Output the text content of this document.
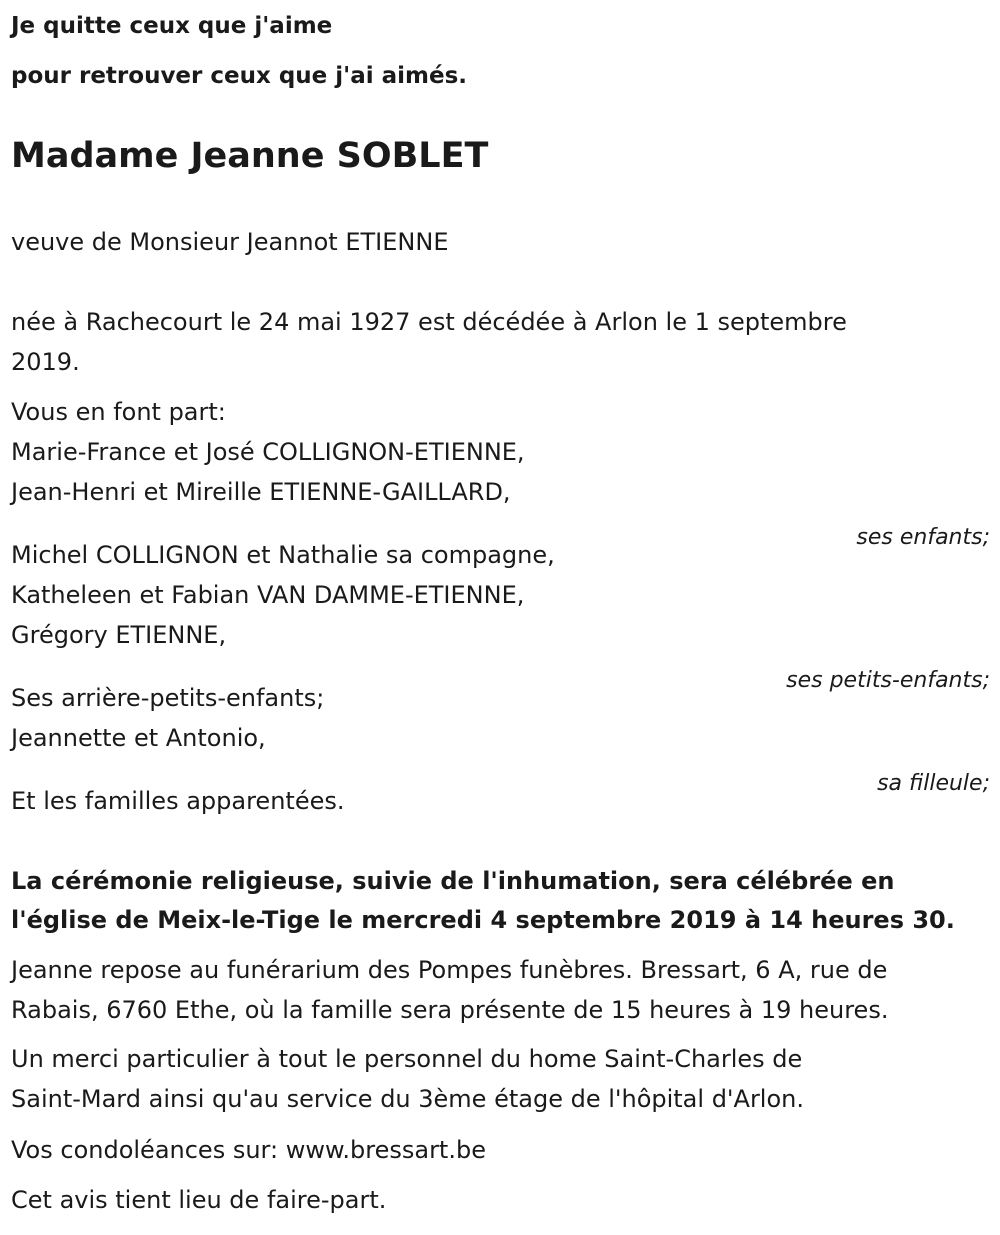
Je quitte ceux que j'aime

pour retrouver ceux que j'ai aimés.

Madame Jeanne SOBLET

veuve de Monsieur Jeannot ETIENNE

née à Rachecourt le 24 mai 1927 est décédée à Arlon le 1 septembre

2019.

Vous en font part:

Marie-France et José COLLIGNON-ETIENNE,

Jean-Henri et Mireille ETIENNE-GAILLARD,

ses enfants;

Michel COLLIGNON et Nathalie sa compagne,

Katheleen et Fabian VAN DAMME-ETIENNE,

Grégory ETIENNE,

ses petits-enfants;

Ses arrière-petits-enfants;

Jeannette et Antonio,

sa filleule;

Et les familles apparentées.

La cérémonie religieuse, suivie de l'inhumation, sera célébrée en

l'église de Meix-le-Tige le mercredi 4 septembre 2019 à 14 heures 30.

Jeanne repose au funérarium des Pompes funèbres. Bressart, 6 A, rue de

Rabais, 6760 Ethe, où la famille sera présente de 15 heures à 19 heures.

Un merci particulier à tout le personnel du home Saint-Charles de

Saint-Mard ainsi qu'au service du 3ème étage de l'hôpital d'Arlon.

Vos condoléances sur: www.bressart.be

Cet avis tient lieu de faire-part.
